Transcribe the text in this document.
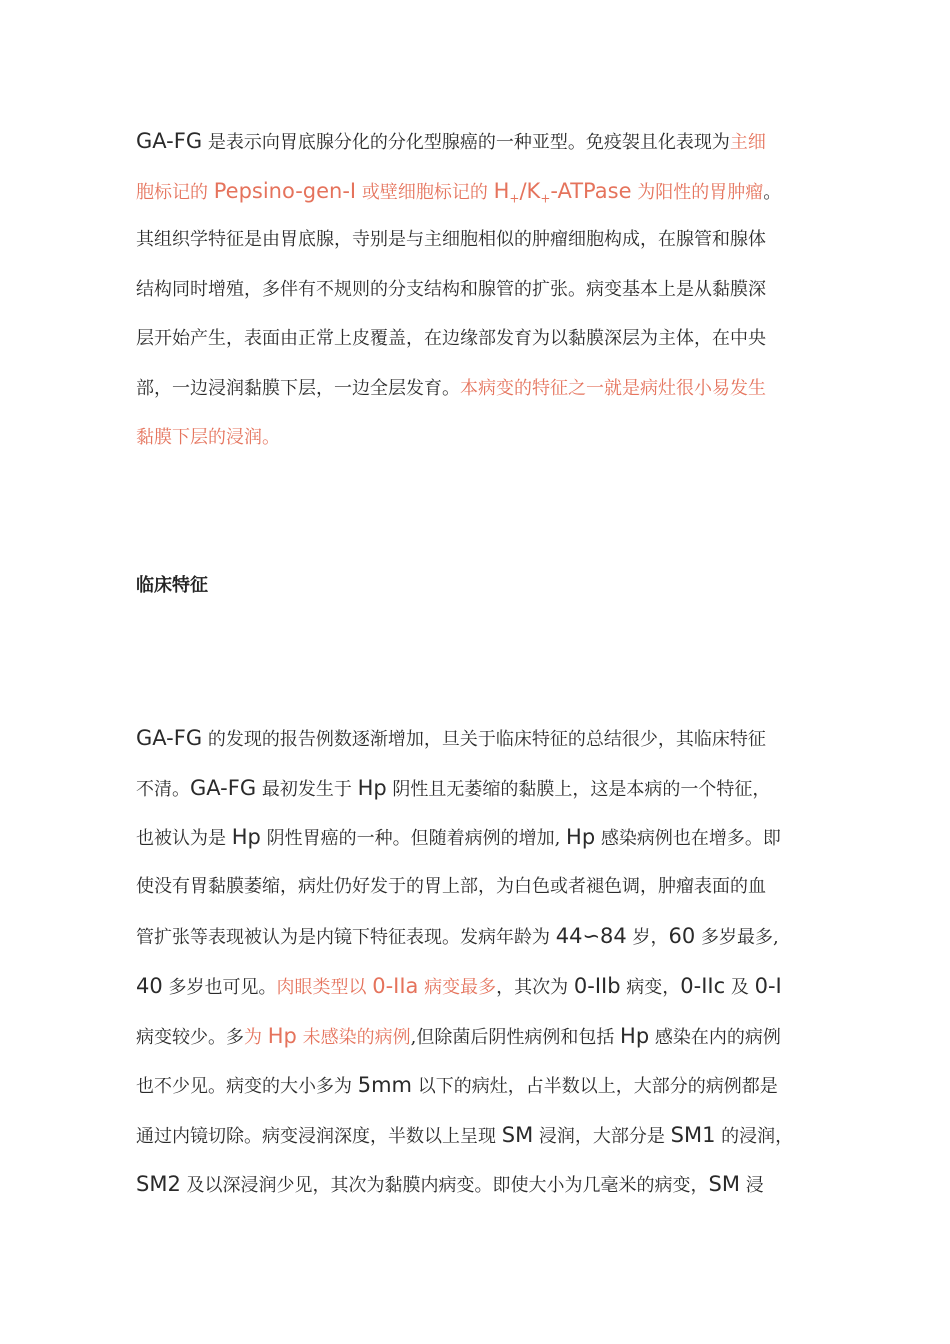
GA-FG 是表示向胃底腺分化的分化型腺癌的一种亚型。免疫袈且化表现为主细
胞标记的 Pepsino-gen-I 或壁细胞标记的 $H_+/K_+$-ATPase 为阳性的胃肿瘤。
其组织学特征是由胃底腺，寺别是与主细胞相似的肿瘤细胞构成，在腺管和腺体
结构同时增殖，多伴有不规则的分支结构和腺管的扩张。病变基本上是从黏膜深
层开始产生，表面由正常上皮覆盖，在边缘部发育为以黏膜深层为主体，在中央
部，一边浸润黏膜下层，一边全层发育。本病变的特征之一就是病灶很小易发生
黏膜下层的浸润。
临床特征
GA-FG 的发现的报告例数逐渐增加，旦关于临床特征的总结很少，其临床特征
不清。GA-FG 最初发生于 Hp 阴性且无萎缩的黏膜上，这是本病的一个特征，
也被认为是 Hp 阴性胃癌的一种。但随着病例的增加, Hp 感染病例也在增多。即
使没有胃黏膜萎缩，病灶仍好发于的胃上部，为白色或者褪色调，肿瘤表面的血
管扩张等表现被认为是内镜下特征表现。发病年龄为 44∽84 岁，60 多岁最多,
40 多岁也可见。肉眼类型以 0-IIa 病变最多，其次为 0-IIb 病变，0-IIc 及 0-I
病变较少。多为 Hp 未感染的病例,但除菌后阴性病例和包括 Hp 感染在内的病例
也不少见。病变的大小多为 5mm 以下的病灶，占半数以上，大部分的病例都是
通过内镜切除。病变浸润深度，半数以上呈现 SM 浸润，大部分是 SM1 的浸润，
SM2 及以深浸润少见，其次为黏膜内病变。即使大小为几毫米的病变，SM 浸
